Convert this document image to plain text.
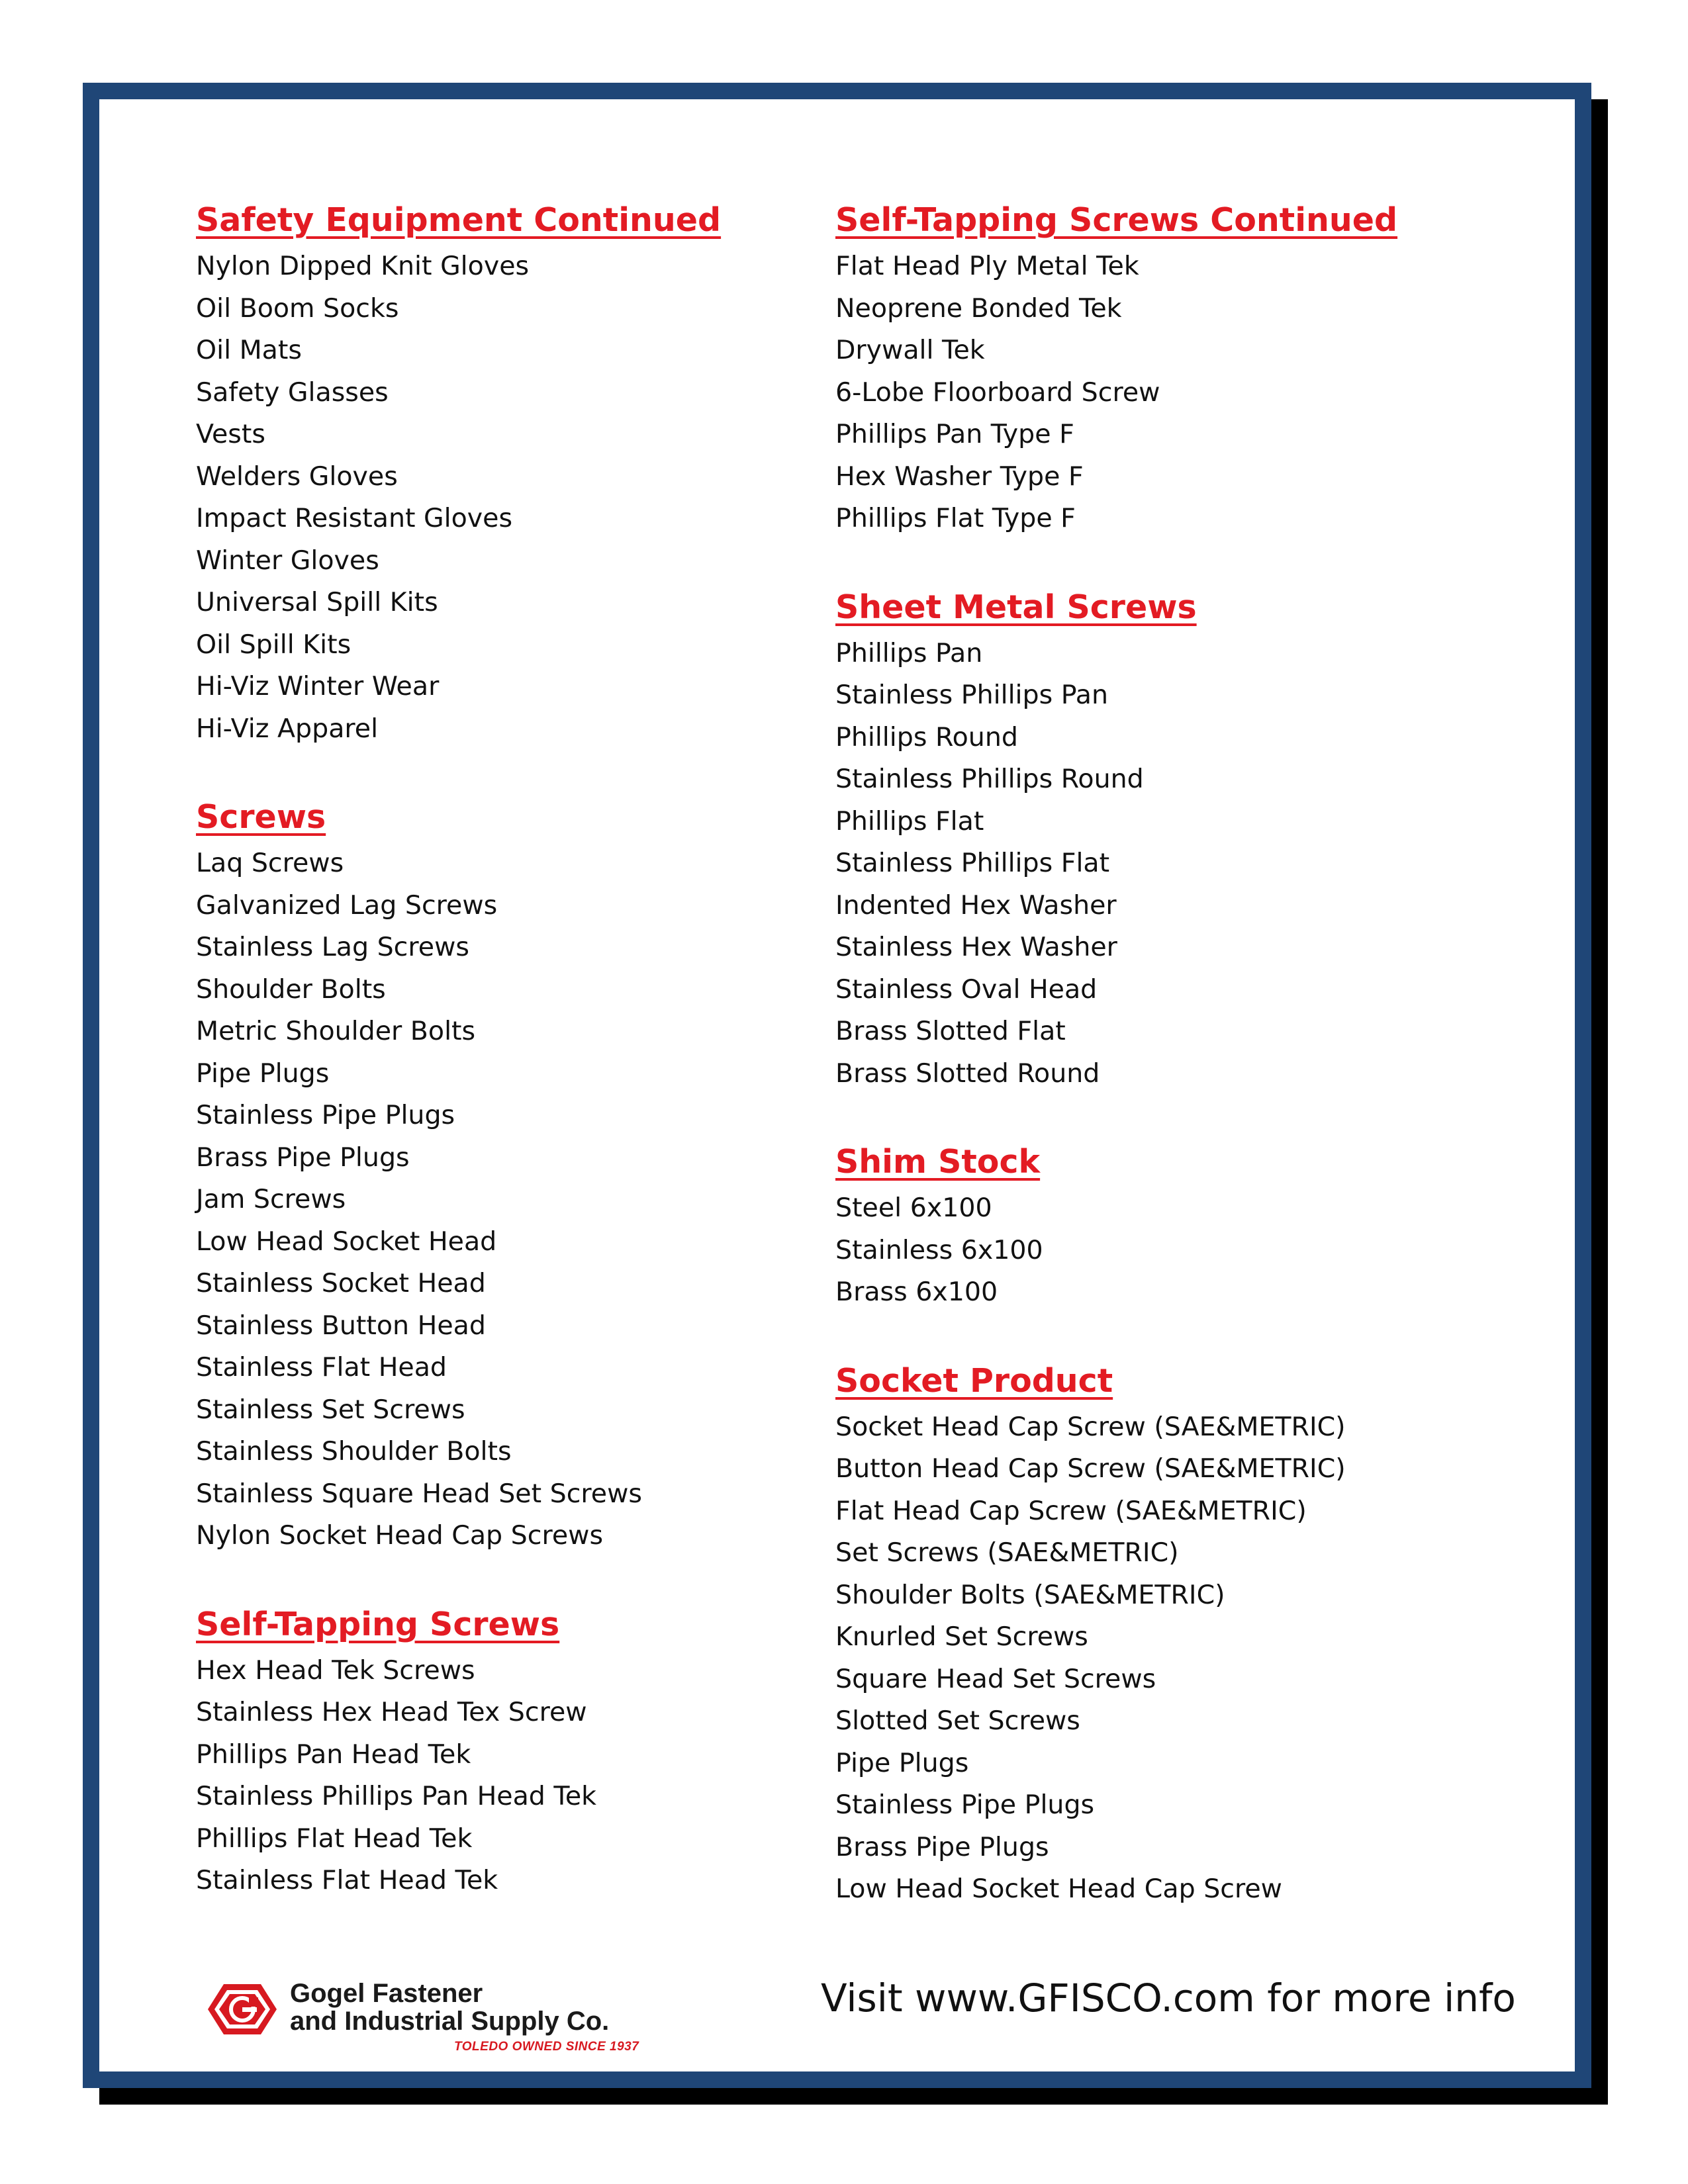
Safety Equipment Continued
Nylon Dipped Knit Gloves
Oil Boom Socks
Oil Mats
Safety Glasses
Vests
Welders Gloves
Impact Resistant Gloves
Winter Gloves
Universal Spill Kits
Oil Spill Kits
Hi-Viz Winter Wear
Hi-Viz Apparel
Screws
Laq Screws
Galvanized Lag Screws
Stainless Lag Screws
Shoulder Bolts
Metric Shoulder Bolts
Pipe Plugs
Stainless Pipe Plugs
Brass Pipe Plugs
Jam Screws
Low Head Socket Head
Stainless Socket Head
Stainless Button Head
Stainless Flat Head
Stainless Set Screws
Stainless Shoulder Bolts
Stainless Square Head Set Screws
Nylon Socket Head Cap Screws
Self-Tapping Screws
Hex Head Tek Screws
Stainless Hex Head Tex Screw
Phillips Pan Head Tek
Stainless Phillips Pan Head Tek
Phillips Flat Head Tek
Stainless Flat Head Tek
Self-Tapping Screws Continued
Flat Head Ply Metal Tek
Neoprene Bonded Tek
Drywall Tek
6-Lobe Floorboard Screw
Phillips Pan Type F
Hex Washer Type F
Phillips Flat Type F
Sheet Metal Screws
Phillips Pan
Stainless Phillips Pan
Phillips Round
Stainless Phillips Round
Phillips Flat
Stainless Phillips Flat
Indented Hex Washer
Stainless Hex Washer
Stainless Oval Head
Brass Slotted Flat
Brass Slotted Round
Shim Stock
Steel 6x100
Stainless 6x100
Brass 6x100
Socket Product
Socket Head Cap Screw (SAE&METRIC)
Button Head Cap Screw (SAE&METRIC)
Flat Head Cap Screw (SAE&METRIC)
Set Screws (SAE&METRIC)
Shoulder Bolts (SAE&METRIC)
Knurled Set Screws
Square Head Set Screws
Slotted Set Screws
Pipe Plugs
Stainless Pipe Plugs
Brass Pipe Plugs
Low Head Socket Head Cap Screw
Gogel Fastener
and Industrial Supply Co.
TOLEDO OWNED SINCE 1937
Visit www.GFISCO.com for more info
